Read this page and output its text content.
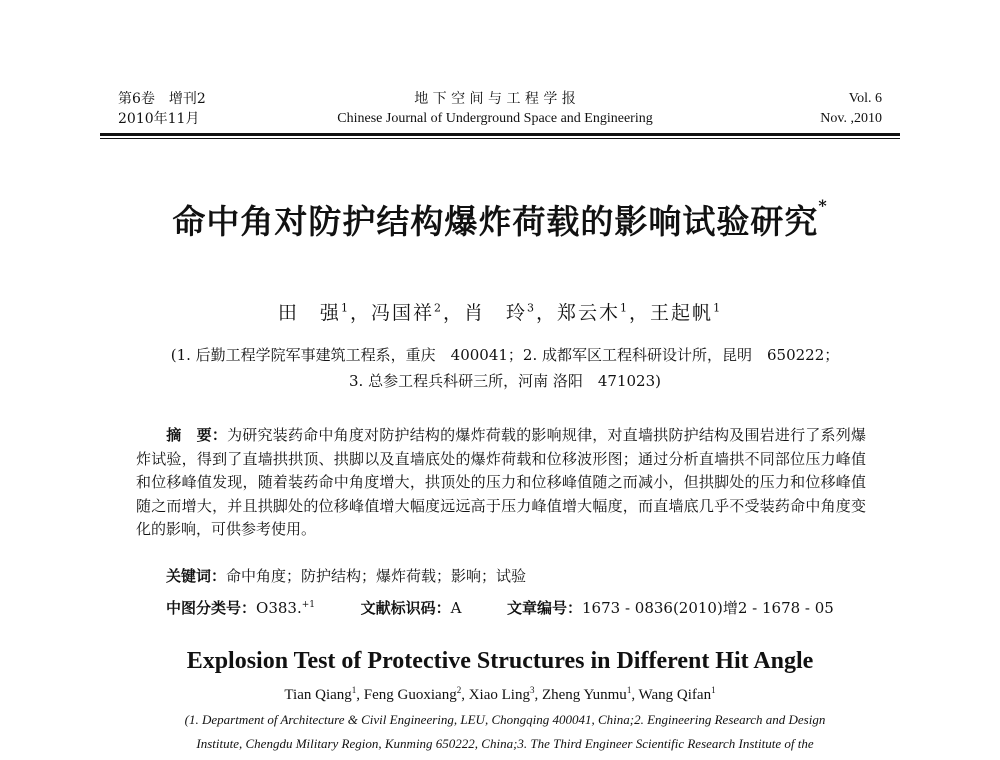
第6卷　增刊2
2010年11月
地 下 空 间 与 工 程 学 报
Chinese Journal of Underground Space and Engineering
Vol. 6
Nov. ,2010
命中角对防护结构爆炸荷载的影响试验研究*
田　强$^1$，冯国祥$^2$，肖　玲$^3$，郑云木$^1$，王起帆$^1$
(1. 后勤工程学院军事建筑工程系，重庆　400041；2. 成都军区工程科研设计所，昆明　650222；
3. 总参工程兵科研三所，河南 洛阳　471023)
摘　要：为研究装药命中角度对防护结构的爆炸荷载的影响规律，对直墙拱防护结构及围岩进行了系列爆炸试验，得到了直墙拱拱顶、拱脚以及直墙底处的爆炸荷载和位移波形图；通过分析直墙拱不同部位压力峰值和位移峰值发现，随着装药命中角度增大，拱顶处的压力和位移峰值随之而减小，但拱脚处的压力和位移峰值随之而增大，并且拱脚处的位移峰值增大幅度远远高于压力峰值增大幅度，而直墙底几乎不受装药命中角度变化的影响，可供参考使用。
关键词：命中角度；防护结构；爆炸荷载；影响；试验
中图分类号：O383.$^{+1}$	文献标识码：A	文章编号：1673 - 0836(2010)增2 - 1678 - 05
Explosion Test of Protective Structures in Different Hit Angle
Tian Qiang$^1$, Feng Guoxiang$^2$, Xiao Ling$^3$, Zheng Yunmu$^1$, Wang Qifan$^1$
(1. Department of Architecture & Civil Engineering, LEU, Chongqing 400041, China;2. Engineering Research and Design
Institute, Chengdu Military Region, Kunming 650222, China;3. The Third Engineer Scientific Research Institute of the
